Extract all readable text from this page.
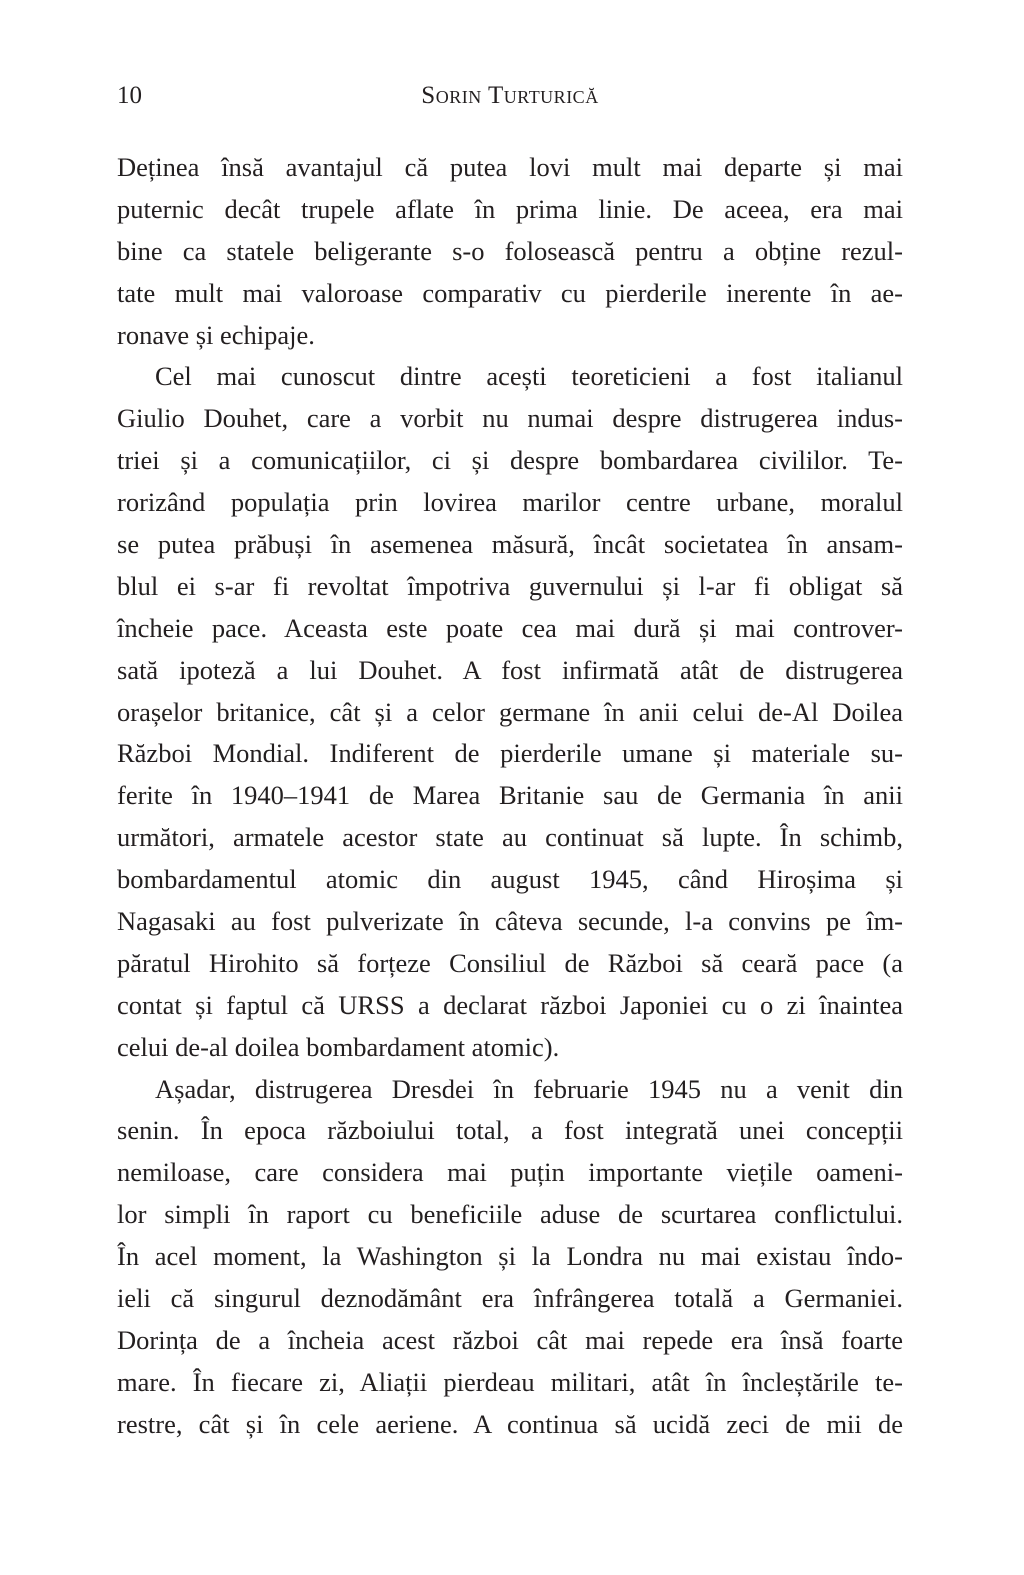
10	Sorin Turturică
Deținea însă avantajul că putea lovi mult mai departe și mai
puternic decât trupele aflate în prima linie. De aceea, era mai
bine ca statele beligerante s-o folosească pentru a obține rezul-
tate mult mai valoroase comparativ cu pierderile inerente în ae-
ronave și echipaje.
Cel mai cunoscut dintre acești teoreticieni a fost italianul
Giulio Douhet, care a vorbit nu numai despre distrugerea indus-
triei și a comunicațiilor, ci și despre bombardarea civililor. Te-
rorizând populația prin lovirea marilor centre urbane, moralul
se putea prăbuși în asemenea măsură, încât societatea în ansam-
blul ei s-ar fi revoltat împotriva guvernului și l-ar fi obligat să
încheie pace. Aceasta este poate cea mai dură și mai controver-
sată ipoteză a lui Douhet. A fost infirmată atât de distrugerea
orașelor britanice, cât și a celor germane în anii celui de-Al Doilea
Război Mondial. Indiferent de pierderile umane și materiale su-
ferite în 1940–1941 de Marea Britanie sau de Germania în anii
următori, armatele acestor state au continuat să lupte. În schimb,
bombardamentul atomic din august 1945, când Hiroșima și
Nagasaki au fost pulverizate în câteva secunde, l-a convins pe îm-
păratul Hirohito să forțeze Consiliul de Război să ceară pace (a
contat și faptul că URSS a declarat război Japoniei cu o zi înaintea
celui de-al doilea bombardament atomic).
Așadar, distrugerea Dresdei în februarie 1945 nu a venit din
senin. În epoca războiului total, a fost integrată unei concepții
nemiloase, care considera mai puțin importante viețile oameni-
lor simpli în raport cu beneficiile aduse de scurtarea conflictului.
În acel moment, la Washington și la Londra nu mai existau îndo-
ieli că singurul deznodământ era înfrângerea totală a Germaniei.
Dorința de a încheia acest război cât mai repede era însă foarte
mare. În fiecare zi, Aliații pierdeau militari, atât în încleștările te-
restre, cât și în cele aeriene. A continua să ucidă zeci de mii de
